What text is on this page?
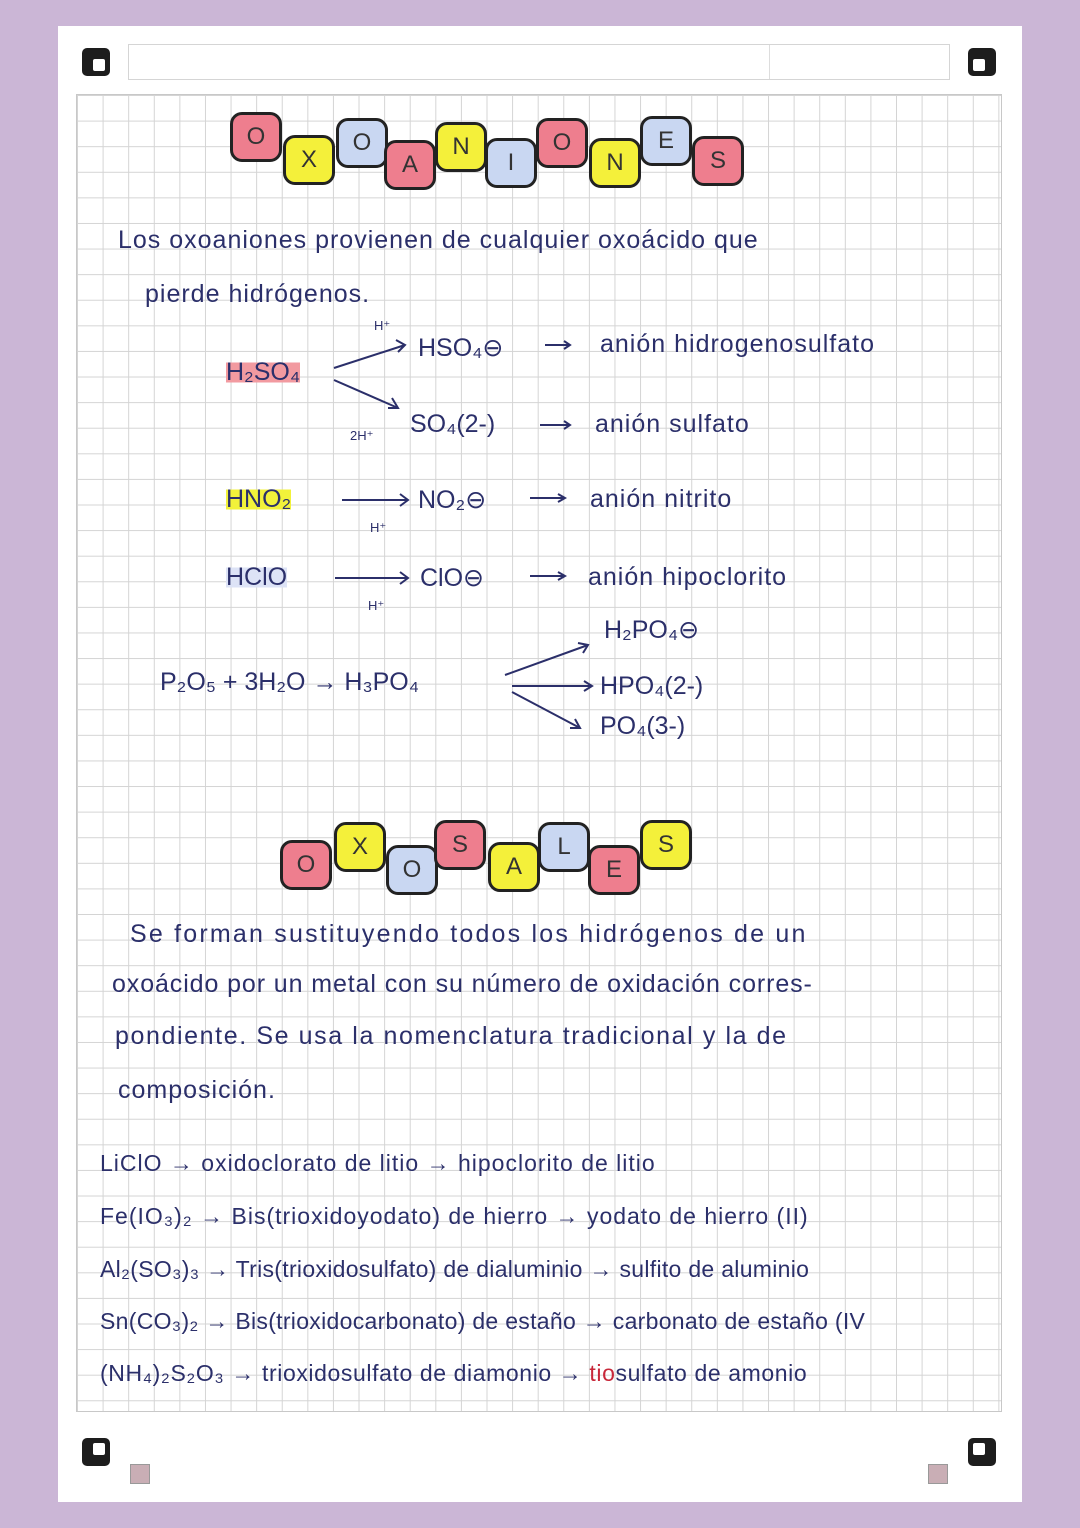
O
X
O
A
N
I
O
N
E
S
Los oxoaniones provienen de cualquier oxoácido que
pierde hidrógenos.
H₂SO₄
H⁺
2H⁺
HSO₄⊖	anión hidrogenosulfato
SO₄(2-)	anión sulfato
HNO₂
H⁺
NO₂⊖	anión nitrito
HClO
H⁺
ClO⊖	anión hipoclorito
P₂O₅ + 3H₂O → H₃PO₄
H₂PO₄⊖
HPO₄(2-)
PO₄(3-)
O
X
O
S
A
L
E
S
Se forman sustituyendo todos los hidrógenos de un
oxoácido por un metal con su número de oxidación corres-
pondiente. Se usa la nomenclatura tradicional y la de
composición.
LiClO → oxidoclorato de litio → hipoclorito de litio
Fe(IO₃)₂ → Bis(trioxidoyodato) de hierro → yodato de hierro (II)
Al₂(SO₃)₃ → Tris(trioxidosulfato) de dialuminio → sulfito de aluminio
Sn(CO₃)₂ → Bis(trioxidocarbonato) de estaño → carbonato de estaño (IV
(NH₄)₂S₂O₃ → trioxidosulfato de diamonio → tiosulfato de amonio
